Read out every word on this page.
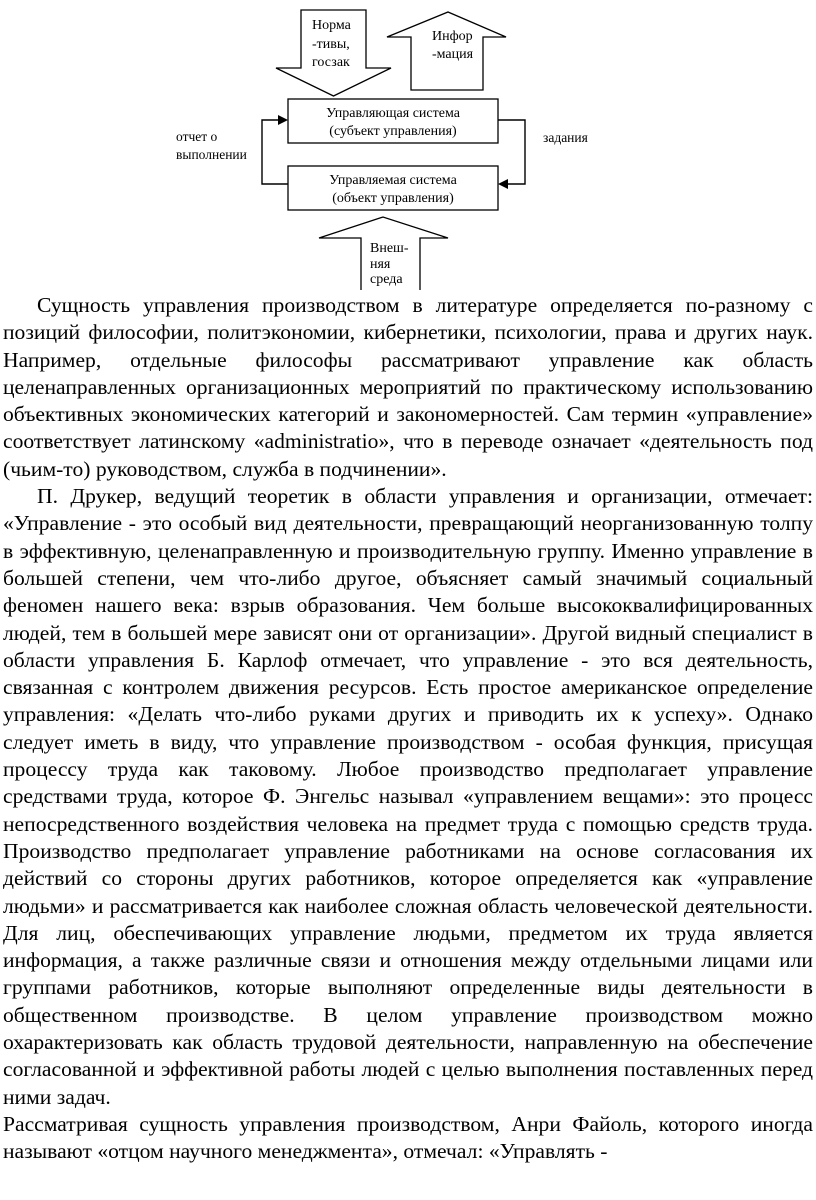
Норма
-тивы,
госзак
Инфор
-мация
Управляющая система
(субъект управления)
Управляемая система
(объект управления)
отчет о
выполнении
задания
Внеш-
няя
среда

Сущность управления производством в литературе определяется по-разному с позиций философии, политэкономии, кибернетики, психологии, права и других наук. Например, отдельные философы рассматривают управление как область целенаправленных организационных мероприятий по практическому использованию объективных экономических категорий и закономерностей. Сам термин «управление» соответствует латинскому «administratio», что в переводе означает «деятельность под (чьим-то) руководством, служба в подчинении».

П. Друкер, ведущий теоретик в области управления и организации, отмечает: «Управление - это особый вид деятельности, превращающий неорганизованную толпу в эффективную, целенаправленную и производительную группу. Именно управление в большей степени, чем что-либо другое, объясняет самый значимый социальный феномен нашего века: взрыв образования. Чем больше высококвалифицированных людей, тем в большей мере зависят они от организации». Другой видный специалист в области управления Б. Карлоф отмечает, что управление - это вся деятельность, связанная с контролем движения ресурсов. Есть простое американское определение управления: «Делать что-либо руками других и приводить их к успеху». Однако следует иметь в виду, что управление производством - особая функция, присущая процессу труда как таковому. Любое производство предполагает управление средствами труда, которое Ф. Энгельс называл «управлением вещами»: это процесс непосредственного воздействия человека на предмет труда с помощью средств труда. Производство предполагает управление работниками на основе согласования их действий со стороны других работников, которое определяется как «управление людьми» и рассматривается как наиболее сложная область человеческой деятельности. Для лиц, обеспечивающих управление людьми, предметом их труда является информация, а также различные связи и отношения между отдельными лицами или группами работников, которые выполняют определенные виды деятельности в общественном производстве. В целом управление производством можно охарактеризовать как область трудовой деятельности, направленную на обеспечение согласованной и эффективной работы людей с целью выполнения поставленных перед ними задач.

Рассматривая сущность управления производством, Анри Файоль, которого иногда называют «отцом научного менеджмента», отмечал: «Управлять -
